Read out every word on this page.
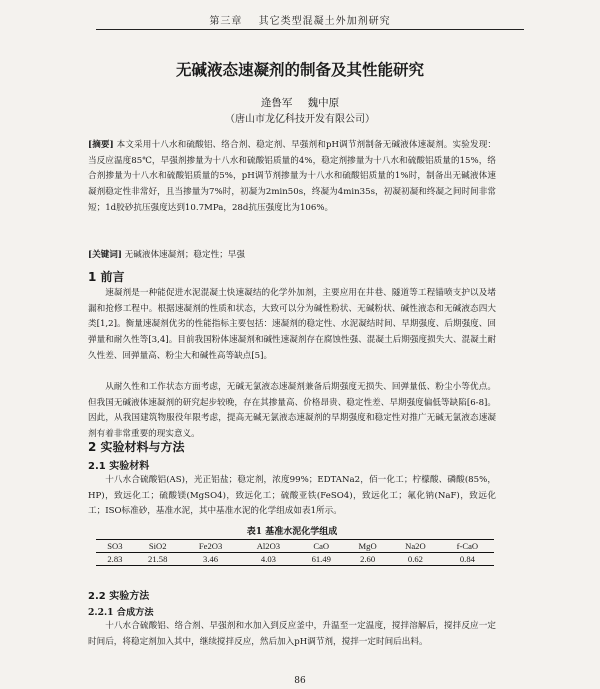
第三章 其它类型混凝土外加剂研究
无碱液态速凝剂的制备及其性能研究
逄鲁军 魏中原
（唐山市龙亿科技开发有限公司）
[摘要] 本文采用十八水和硫酸铝、络合剂、稳定剂、早强剂和pH调节剂制备无碱液体速凝剂。实验发现：当反应温度85℃，早强剂掺量为十八水和硫酸铝质量的4%，稳定剂掺量为十八水和硫酸铝质量的15%，络合剂掺量为十八水和硫酸铝质量的5%，pH调节剂掺量为十八水和硫酸铝质量的1%时，制备出无碱液体速凝剂稳定性非常好，且当掺量为7%时，初凝为2min50s，终凝为4min35s，初凝初凝和终凝之间时间非常短；1d胶砂抗压强度达到10.7MPa，28d抗压强度比为106%。
[关键词] 无碱液体速凝剂；稳定性；早强
1 前言
速凝剂是一种能促进水泥混凝土快速凝结的化学外加剂，主要应用在井巷、隧道等工程锚喷支护以及堵漏和抢修工程中。根据速凝剂的性质和状态，大致可以分为碱性粉状、无碱粉状、碱性液态和无碱液态四大类[1,2]。衡量速凝剂优劣的性能指标主要包括：速凝剂的稳定性、水泥凝结时间、早期强度、后期强度、回弹量和耐久性等[3,4]。目前我国粉体速凝剂和碱性速凝剂存在腐蚀性强、混凝土后期强度损失大、混凝土耐久性差、回弹量高、粉尘大和碱性高等缺点[5]。
从耐久性和工作状态方面考虑，无碱无氯液态速凝剂兼备后期强度无损失、回弹量低、粉尘小等优点。但我国无碱液体速凝剂的研究起步较晚，存在其掺量高、价格昂贵、稳定性差、早期强度偏低等缺陷[6-8]。因此，从我国建筑物服役年限考虑，提高无碱无氯液态速凝剂的早期强度和稳定性对推广无碱无氯液态速凝剂有着非常重要的现实意义。
2 实验材料与方法
2.1 实验材料
十八水合硫酸铝(AS)，光正铝盐；稳定剂，浓度99%；EDTANa2，佰一化工；柠檬酸、磷酸(85%，HP)，致远化工；硫酸镁(MgSO4)，致远化工；硫酸亚铁(FeSO4)，致远化工；氟化钠(NaF)，致远化工；ISO标准砂，基准水泥，其中基准水泥的化学组成如表1所示。
表1 基准水泥化学组成
SO3	SiO2	Fe2O3	Al2O3	CaO	MgO	Na2O	f-CaO
2.83	21.58	3.46	4.03	61.49	2.60	0.62	0.84
2.2 实验方法
2.2.1 合成方法
十八水合硫酸铝、络合剂、早强剂和水加入到反应釜中，升温至一定温度，搅拌溶解后，搅拌反应一定时间后，将稳定剂加入其中，继续搅拌反应，然后加入pH调节剂，搅拌一定时间后出料。
86
